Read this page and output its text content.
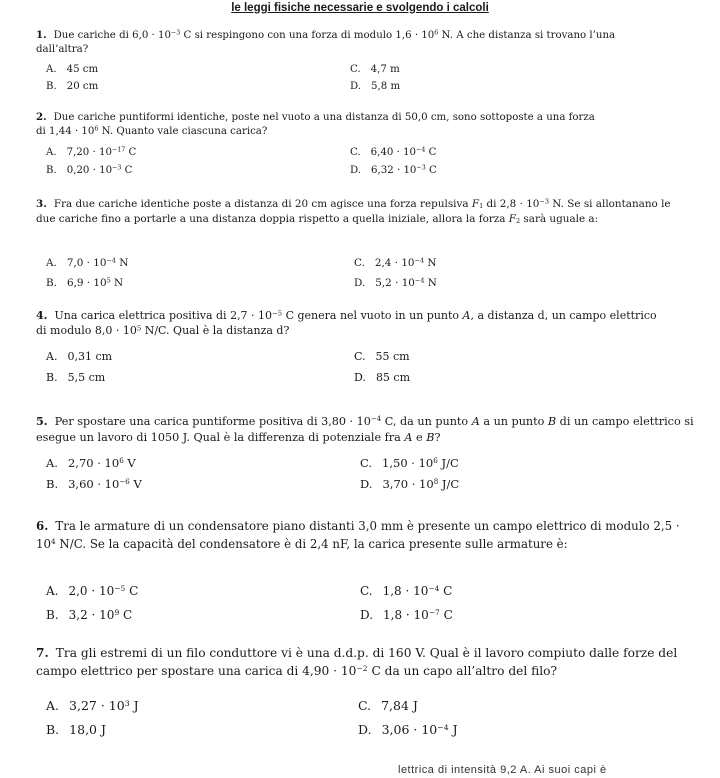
le leggi fisiche necessarie e svolgendo i calcoli
1. Due cariche di $6,0 \cdot 10^{-3}$ C si respingono con una forza di modulo $1,6 \cdot 10^6$ N. A che distanza si trovano l’una dall’altra?
A. 45 cm
B. 20 cm
C. 4,7 m
D. 5,8 m
2. Due cariche puntiformi identiche, poste nel vuoto a una distanza di 50,0 cm, sono sottoposte a una forza di $1,44 \cdot 10^6$ N. Quanto vale ciascuna carica?
A. $7,20 \cdot 10^{-17}$ C
B. $0,20 \cdot 10^{-3}$ C
C. $6,40 \cdot 10^{-4}$ C
D. $6,32 \cdot 10^{-3}$ C
3. Fra due cariche identiche poste a distanza di 20 cm agisce una forza repulsiva $F_1$ di $2,8 \cdot 10^{-3}$ N. Se si allontanano le due cariche fino a portarle a una distanza doppia rispetto a quella iniziale, allora la forza $F_2$ sarà uguale a:
A. $7,0 \cdot 10^{-4}$ N
B. $6,9 \cdot 10^5$ N
C. $2,4 \cdot 10^{-4}$ N
D. $5,2 \cdot 10^{-4}$ N
4. Una carica elettrica positiva di $2,7 \cdot 10^{-5}$ C genera nel vuoto in un punto A, a distanza d, un campo elettrico di modulo $8,0 \cdot 10^5$ N/C. Qual è la distanza d?
A. 0,31 cm
B. 5,5 cm
C. 55 cm
D. 85 cm
5. Per spostare una carica puntiforme positiva di $3,80 \cdot 10^{-4}$ C, da un punto A a un punto B di un campo elettrico si esegue un lavoro di 1050 J. Qual è la differenza di potenziale fra A e B?
A. $2,70 \cdot 10^6$ V
B. $3,60 \cdot 10^{-6}$ V
C. $1,50 \cdot 10^6$ J/C
D. $3,70 \cdot 10^8$ J/C
6. Tra le armature di un condensatore piano distanti 3,0 mm è presente un campo elettrico di modulo $2,5 \cdot 10^4$ N/C. Se la capacità del condensatore è di 2,4 nF, la carica presente sulle armature è:
A. $2,0 \cdot 10^{-5}$ C
B. $3,2 \cdot 10^9$ C
C. $1,8 \cdot 10^{-4}$ C
D. $1,8 \cdot 10^{-7}$ C
7. Tra gli estremi di un filo conduttore vi è una d.d.p. di 160 V. Qual è il lavoro compiuto dalle forze del campo elettrico per spostare una carica di $4,90 \cdot 10^{-2}$ C da un capo all’altro del filo?
A. $3,27 \cdot 10^3$ J
B. 18,0 J
C. 7,84 J
D. $3,06 \cdot 10^{-4}$ J
lettrica di intensità 9,2 A. Ai suoi capi è
